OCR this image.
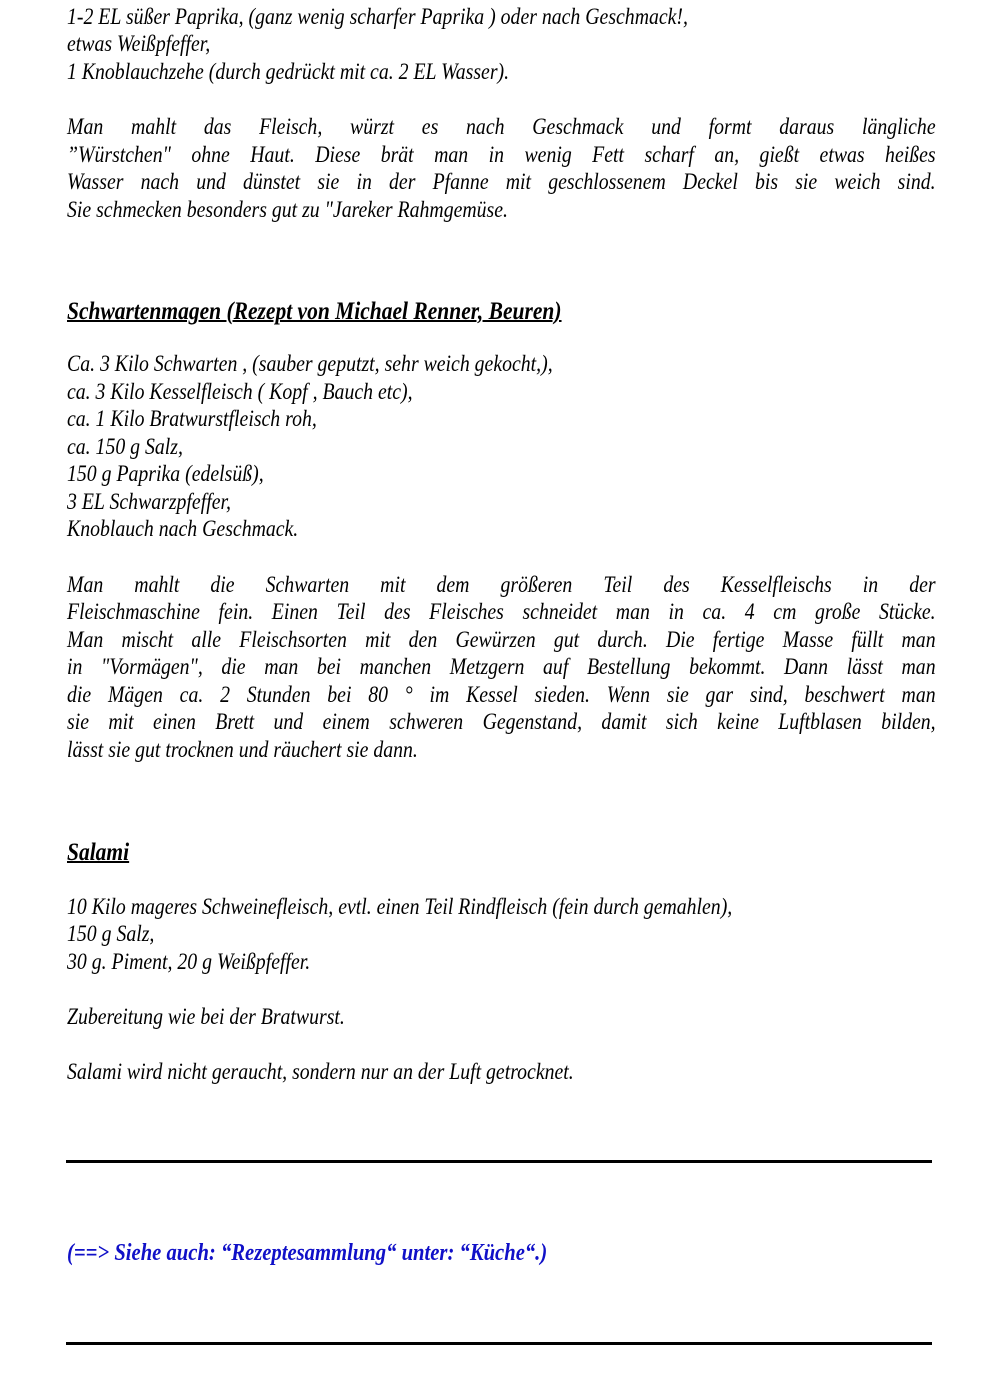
1-2 EL süßer Paprika, (ganz wenig scharfer Paprika ) oder nach Geschmack!,
etwas Weißpfeffer,
1 Knoblauchzehe (durch gedrückt mit ca. 2 EL Wasser).
Man mahlt das Fleisch, würzt es nach Geschmack und formt daraus längliche
”Würstchen" ohne Haut. Diese brät man in wenig Fett scharf an, gießt etwas heißes
Wasser nach und dünstet sie in der Pfanne mit geschlossenem Deckel bis sie weich sind.
Sie schmecken besonders gut zu "Jareker Rahmgemüse.
Schwartenmagen (Rezept von Michael Renner, Beuren)
Ca. 3 Kilo Schwarten , (sauber geputzt, sehr weich gekocht,),
ca. 3 Kilo Kesselfleisch ( Kopf , Bauch etc),
ca. 1 Kilo Bratwurstfleisch roh,
ca. 150 g Salz,
150 g Paprika (edelsüß),
3 EL Schwarzpfeffer,
Knoblauch nach Geschmack.
Man mahlt die Schwarten mit dem größeren Teil des Kesselfleischs in der
Fleischmaschine fein. Einen Teil des Fleisches schneidet man in ca. 4 cm große Stücke.
Man mischt alle Fleischsorten mit den Gewürzen gut durch. Die fertige Masse füllt man
in "Vormägen", die man bei manchen Metzgern auf Bestellung bekommt. Dann lässt man
die Mägen ca. 2 Stunden bei 80 ° im Kessel sieden. Wenn sie gar sind, beschwert man
sie mit einen Brett und einem schweren Gegenstand, damit sich keine Luftblasen bilden,
lässt sie gut trocknen und räuchert sie dann.
Salami
10 Kilo mageres Schweinefleisch, evtl. einen Teil Rindfleisch (fein durch gemahlen),
150 g Salz,
30 g. Piment, 20 g Weißpfeffer.
Zubereitung wie bei der Bratwurst.
Salami wird nicht geraucht, sondern nur an der Luft getrocknet.
(==> Siehe auch: “Rezeptesammlung“ unter: “Küche“.)
